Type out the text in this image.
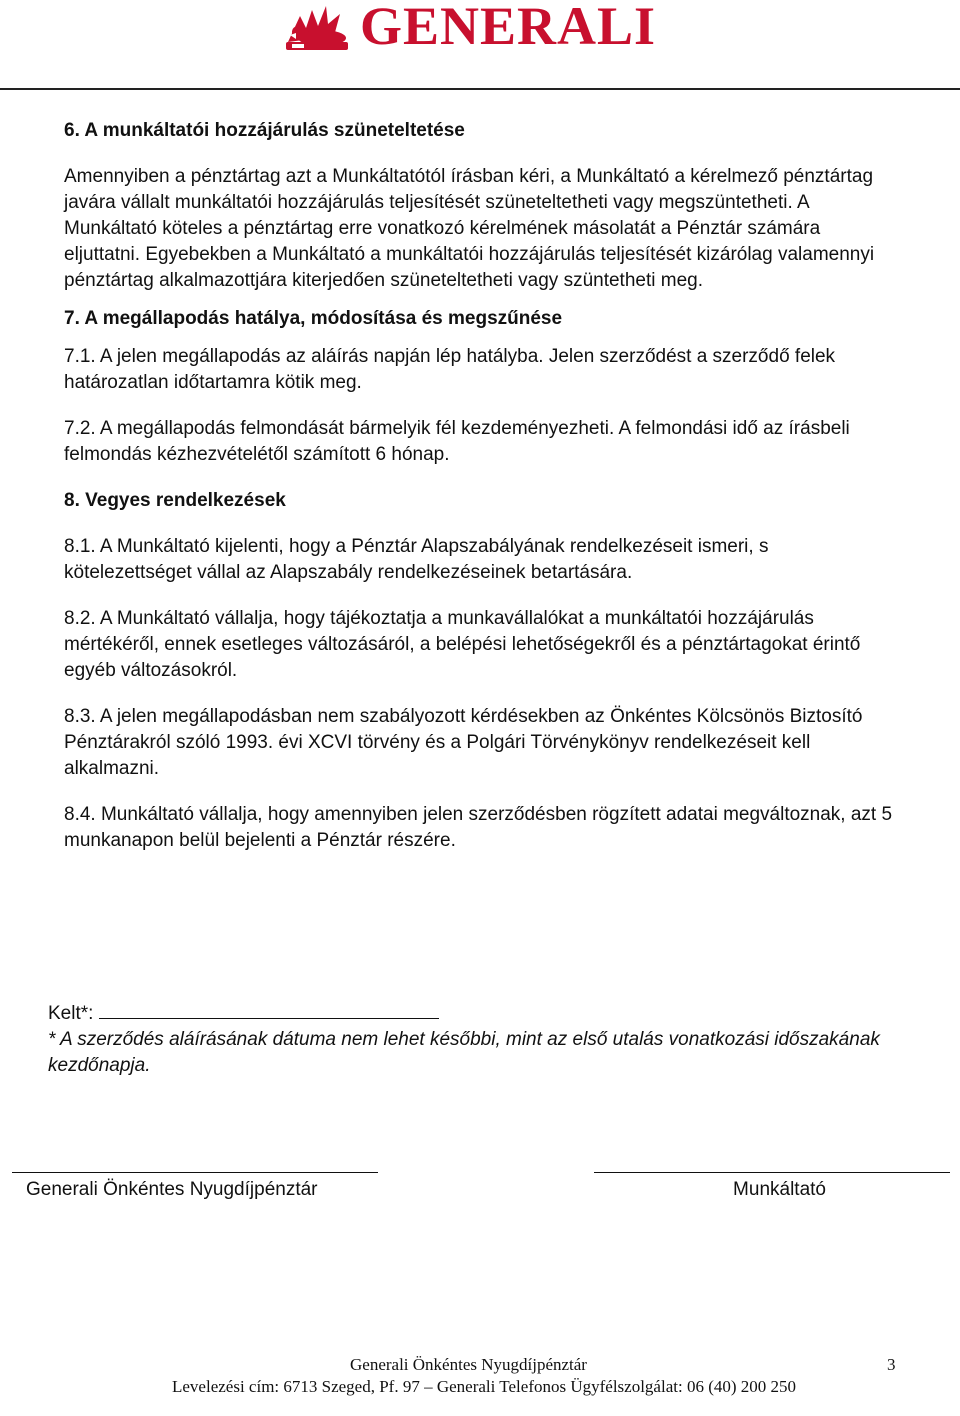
GENERALI

6. A munkáltatói hozzájárulás szüneteltetése

Amennyiben a pénztártag azt a Munkáltatótól írásban kéri, a Munkáltató a kérelmező pénztártag javára vállalt munkáltatói hozzájárulás teljesítését szüneteltetheti vagy megszüntetheti. A Munkáltató köteles a pénztártag erre vonatkozó kérelmének másolatát a Pénztár számára eljuttatni. Egyebekben a Munkáltató a munkáltatói hozzájárulás teljesítését kizárólag valamennyi pénztártag alkalmazottjára kiterjedően szüneteltetheti vagy szüntetheti meg.

7. A megállapodás hatálya, módosítása és megszűnése

7.1. A jelen megállapodás az aláírás napján lép hatályba. Jelen szerződést a szerződő felek határozatlan időtartamra kötik meg.

7.2. A megállapodás felmondását bármelyik fél kezdeményezheti. A felmondási idő az írásbeli felmondás kézhezvételétől számított 6 hónap.

8. Vegyes rendelkezések

8.1. A Munkáltató kijelenti, hogy a Pénztár Alapszabályának rendelkezéseit ismeri, s kötelezettséget vállal az Alapszabály rendelkezéseinek betartására.

8.2. A Munkáltató vállalja, hogy tájékoztatja a munkavállalókat a munkáltatói hozzájárulás mértékéről, ennek esetleges változásáról, a belépési lehetőségekről és a pénztártagokat érintő egyéb változásokról.

8.3. A jelen megállapodásban nem szabályozott kérdésekben az Önkéntes Kölcsönös Biztosító Pénztárakról szóló 1993. évi XCVI törvény és a Polgári Törvénykönyv rendelkezéseit kell alkalmazni.

8.4. Munkáltató vállalja, hogy amennyiben jelen szerződésben rögzített adatai megváltoznak, azt 5 munkanapon belül bejelenti a Pénztár részére.

Kelt*:
* A szerződés aláírásának dátuma nem lehet későbbi, mint az első utalás vonatkozási időszakának kezdőnapja.
Generali Önkéntes Nyugdíjpénztár	Munkáltató
Generali Önkéntes Nyugdíjpénztár	3
Levelezési cím: 6713 Szeged, Pf. 97 – Generali Telefonos Ügyfélszolgálat: 06 (40) 200 250
